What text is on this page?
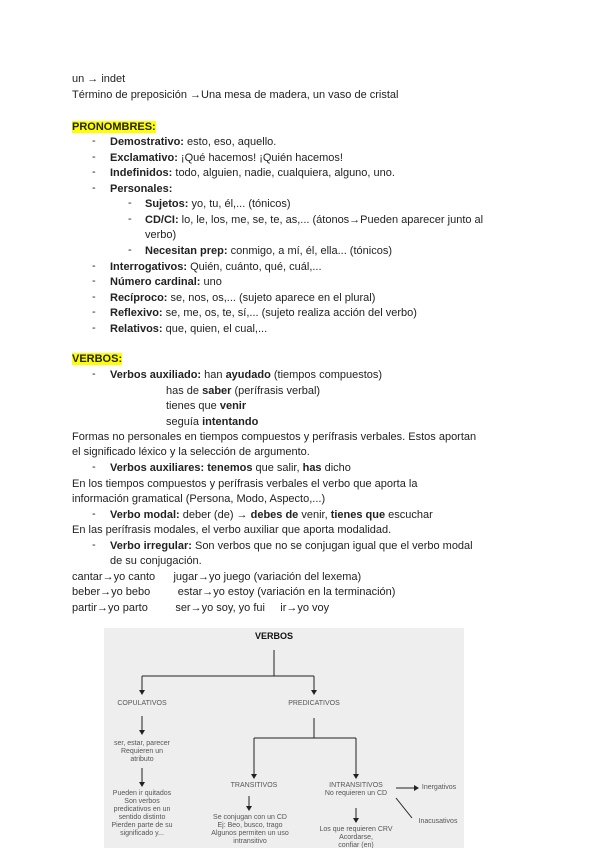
un → indet
Término de preposición →Una mesa de madera, un vaso de cristal
PRONOMBRES:
- Demostrativo: esto, eso, aquello.
- Exclamativo: ¡Qué hacemos! ¡Quién hacemos!
- Indefinidos: todo, alguien, nadie, cualquiera, alguno, uno.
- Personales:
- Sujetos: yo, tu, él,... (tónicos)
- CD/CI: lo, le, los, me, se, te, as,... (átonos→Pueden aparecer junto al
verbo)
- Necesitan prep: conmigo, a mí, él, ella... (tónicos)
- Interrogativos: Quién, cuánto, qué, cuál,...
- Número cardinal: uno
- Recíproco: se, nos, os,... (sujeto aparece en el plural)
- Reflexivo: se, me, os, te, sí,... (sujeto realiza acción del verbo)
- Relativos: que, quien, el cual,...
VERBOS:
- Verbos auxiliado: han ayudado (tiempos compuestos)
has de saber (perífrasis verbal)
tienes que venir
seguía intentando
Formas no personales en tiempos compuestos y perífrasis verbales. Estos aportan
el significado léxico y la selección de argumento.
- Verbos auxiliares: tenemos que salir, has dicho
En los tiempos compuestos y perífrasis verbales el verbo que aporta la
información gramatical (Persona, Modo, Aspecto,...)
- Verbo modal: deber (de) → debes de venir, tienes que escuchar
En las perífrasis modales, el verbo auxiliar que aporta modalidad.
- Verbo irregular: Son verbos que no se conjugan igual que el verbo modal
de su conjugación.
cantar→yo canto      jugar→yo juego (variación del lexema)
beber→yo bebo         estar→yo estoy (variación en la terminación)
partir→yo parto         ser→yo soy, yo fui     ir→yo voy
VERBOS
COPULATIVOS	PREDICATIVOS
ser, estar, parecer
Requieren un
atributo
Pueden ir quitados
Son verbos
predicativos en un
sentido distinto
Pierden parte de su
significado y...
TRANSITIVOS	INTRANSITIVOS
No requieren un CD
Se conjugan con un CD
Ej: Beo, busco, trago
Algunos permiten un uso
intransitivo
Los que requieren CRV
Acordarse,
confiar (en)
Inergativos
Inacusativos
